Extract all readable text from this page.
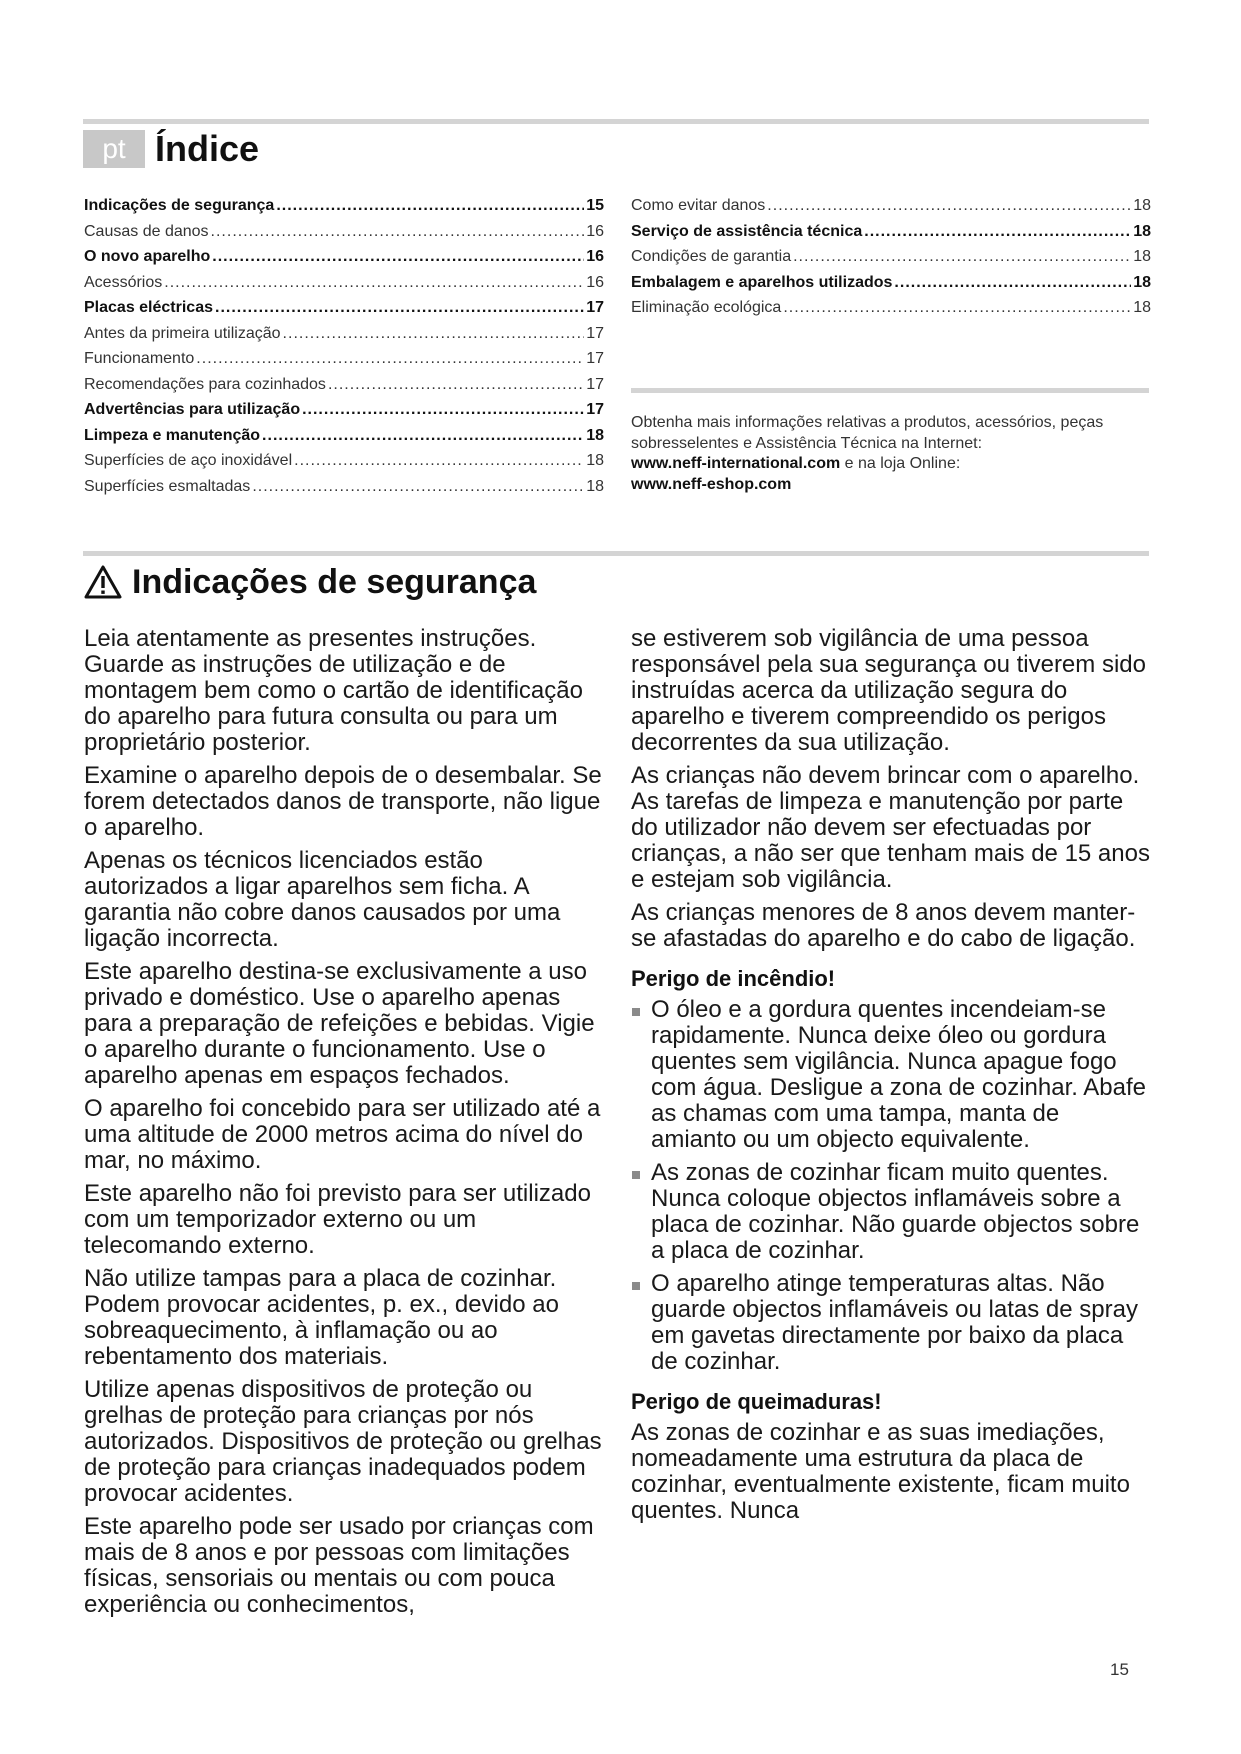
pt Índice
Indicações de segurança .....	15
Causas de danos .....	16
O novo aparelho .....	16
Acessórios .....	16
Placas eléctricas .....	17
Antes da primeira utilização .....	17
Funcionamento .....	17
Recomendações para cozinhados .....	17
Advertências para utilização .....	17
Limpeza e manutenção .....	18
Superfícies de aço inoxidável .....	18
Superfícies esmaltadas .....	18
Como evitar danos .....	18
Serviço de assistência técnica .....	18
Condições de garantia .....	18
Embalagem e aparelhos utilizados .....	18
Eliminação ecológica .....	18
Obtenha mais informações relativas a produtos, acessórios, peças sobresselentes e Assistência Técnica na Internet:
www.neff-international.com e na loja Online:
www.neff-eshop.com
Indicações de segurança

Leia atentamente as presentes instruções. Guarde as instruções de utilização e de montagem bem como o cartão de identificação do aparelho para futura consulta ou para um proprietário posterior.

Examine o aparelho depois de o desembalar. Se forem detectados danos de transporte, não ligue o aparelho.

Apenas os técnicos licenciados estão autorizados a ligar aparelhos sem ficha. A garantia não cobre danos causados por uma ligação incorrecta.

Este aparelho destina-se exclusivamente a uso privado e doméstico. Use o aparelho apenas para a preparação de refeições e bebidas. Vigie o aparelho durante o funcionamento. Use o aparelho apenas em espaços fechados.

O aparelho foi concebido para ser utilizado até a uma altitude de 2000 metros acima do nível do mar, no máximo.

Este aparelho não foi previsto para ser utilizado com um temporizador externo ou um telecomando externo.

Não utilize tampas para a placa de cozinhar. Podem provocar acidentes, p. ex., devido ao sobreaquecimento, à inflamação ou ao rebentamento dos materiais.

Utilize apenas dispositivos de proteção ou grelhas de proteção para crianças por nós autorizados. Dispositivos de proteção ou grelhas de proteção para crianças inadequados podem provocar acidentes.

Este aparelho pode ser usado por crianças com mais de 8 anos e por pessoas com limitações físicas, sensoriais ou mentais ou com pouca experiência ou conhecimentos,

se estiverem sob vigilância de uma pessoa responsável pela sua segurança ou tiverem sido instruídas acerca da utilização segura do aparelho e tiverem compreendido os perigos decorrentes da sua utilização.

As crianças não devem brincar com o aparelho. As tarefas de limpeza e manutenção por parte do utilizador não devem ser efectuadas por crianças, a não ser que tenham mais de 15 anos e estejam sob vigilância.

As crianças menores de 8 anos devem manter-se afastadas do aparelho e do cabo de ligação.

Perigo de incêndio!
O óleo e a gordura quentes incendeiam-se rapidamente. Nunca deixe óleo ou gordura quentes sem vigilância. Nunca apague fogo com água. Desligue a zona de cozinhar. Abafe as chamas com uma tampa, manta de amianto ou um objecto equivalente.
As zonas de cozinhar ficam muito quentes. Nunca coloque objectos inflamáveis sobre a placa de cozinhar. Não guarde objectos sobre a placa de cozinhar.
O aparelho atinge temperaturas altas. Não guarde objectos inflamáveis ou latas de spray em gavetas directamente por baixo da placa de cozinhar.
Perigo de queimaduras!

As zonas de cozinhar e as suas imediações, nomeadamente uma estrutura da placa de cozinhar, eventualmente existente, ficam muito quentes. Nunca

15
